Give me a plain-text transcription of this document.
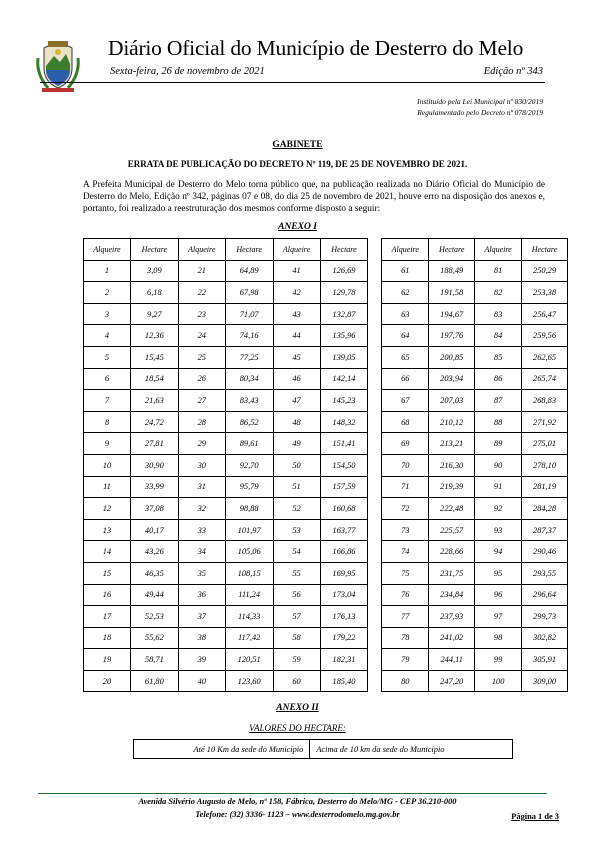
Diário Oficial do Município de Desterro do Melo
Sexta-feira, 26 de novembro de 2021	Edição nº 343
Instituído pela Lei Municipal nº 830/2019
Regulamentado pelo Decreto nº 078/2019
GABINETE
ERRATA DE PUBLICAÇÃO DO DECRETO Nº 119, DE 25 DE NOVEMBRO DE 2021.
A Prefeita Municipal de Desterro do Melo torna público que, na publicação realizada no Diário Oficial do Município de Desterro do Melo, Edição nº 342, páginas 07 e 08, do dia 25 de novembro de 2021, houve erro na disposição dos anexos e, portanto, foi realizado a reestruturação dos mesmos conforme disposto a seguir:
ANEXO I
Alqueire	Hectare	Alqueire	Hectare	Alqueire	Hectare		Alqueire	Hectare	Alqueire	Hectare
1	3,09	21	64,89	41	126,69		61	188,49	81	250,29
2	6,18	22	67,98	42	129,78		62	191,58	82	253,38
3	9,27	23	71,07	43	132,87		63	194,67	83	256,47
4	12,36	24	74,16	44	135,96		64	197,76	84	259,56
5	15,45	25	77,25	45	139,05		65	200,85	85	262,65
6	18,54	26	80,34	46	142,14		66	203,94	86	265,74
7	21,63	27	83,43	47	145,23		67	207,03	87	268,83
8	24,72	28	86,52	48	148,32		68	210,12	88	271,92
9	27,81	29	89,61	49	151,41		69	213,21	89	275,01
10	30,90	30	92,70	50	154,50		70	216,30	90	278,10
11	33,99	31	95,79	51	157,59		71	219,39	91	281,19
12	37,08	32	98,88	52	160,68		72	222,48	92	284,28
13	40,17	33	101,97	53	163,77		73	225,57	93	287,37
14	43,26	34	105,06	54	166,86		74	228,66	94	290,46
15	46,35	35	108,15	55	169,95		75	231,75	95	293,55
16	49,44	36	111,24	56	173,04		76	234,84	96	296,64
17	52,53	37	114,33	57	176,13		77	237,93	97	299,73
18	55,62	38	117,42	58	179,22		78	241,02	98	302,82
19	58,71	39	120,51	59	182,31		79	244,11	99	305,91
20	61,80	40	123,60	60	185,40		80	247,20	100	309,00
ANEXO II
VALORES DO HECTARE:
Até 10 Km da sede do Município	Acima de 10 km da sede do Município
Avenida Silvério Augusto de Melo, nº 158, Fábrica, Desterro do Melo/MG - CEP 36.210-000
Telefone: (32) 3336- 1123 – www.desterrodomelo.mg.gov.br	Página 1 de 3
